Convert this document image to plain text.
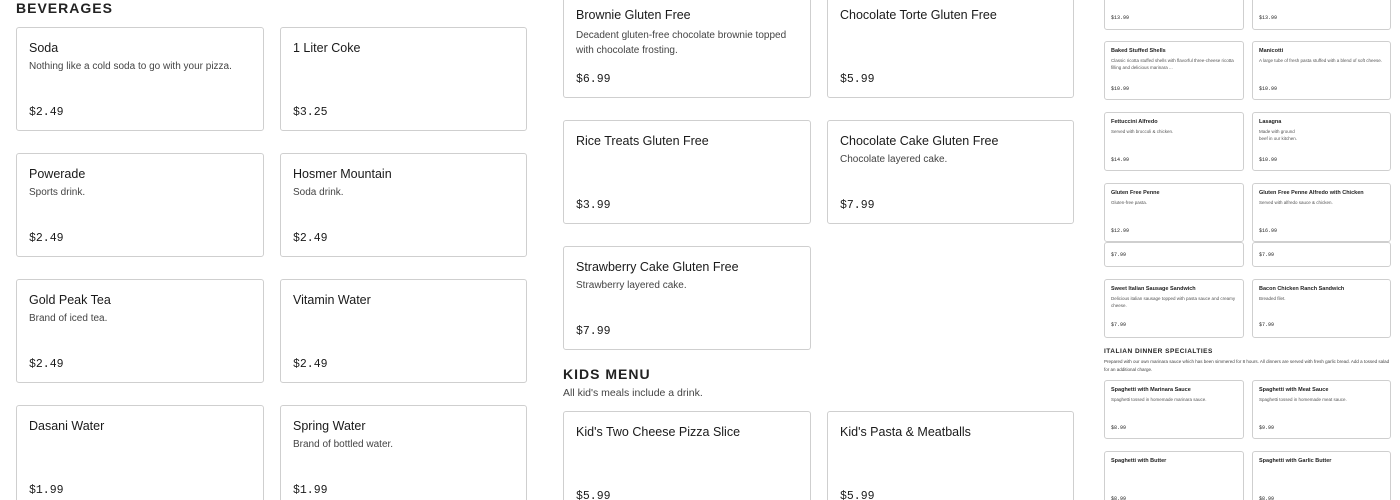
BEVERAGES
Soda
Nothing like a cold soda to go with your pizza.
$2.49
1 Liter Coke
$3.25
Powerade
Sports drink.
$2.49
Hosmer Mountain
Soda drink.
$2.49
Gold Peak Tea
Brand of iced tea.
$2.49
Vitamin Water
$2.49
Dasani Water
$1.99
Spring Water
Brand of bottled water.
$1.99
Brownie Gluten Free
Decadent gluten-free chocolate brownie topped with chocolate frosting.
$6.99
Chocolate Torte Gluten Free
$5.99
Rice Treats Gluten Free
$3.99
Chocolate Cake Gluten Free
Chocolate layered cake.
$7.99
Strawberry Cake Gluten Free
Strawberry layered cake.
$7.99
KIDS MENU
All kid's meals include a drink.
Kid's Two Cheese Pizza Slice
$5.99
Kid's Pasta & Meatballs
$5.99
$13.99	$13.99
Baked Stuffed Shells
Classic ricotta stuffed shells with flavorful three-cheese ricotta filling and delicious marinara ...
$10.99
Manicotti
A large tube of fresh pasta stuffed with a blend of soft cheese.
$10.99
Fettuccini Alfredo
Served with broccoli & chicken.
$14.99
Lasagna
Made with ground beef in our kitchen.
$10.99
Gluten Free Penne
Gluten-free pasta.
$12.99
Gluten Free Penne Alfredo with Chicken
Served with alfredo sauce & chicken.
$16.99
$7.99	$7.99
Sweet Italian Sausage Sandwich
Delicious italian sausage topped with pasta sauce and creamy cheese.
$7.99
Bacon Chicken Ranch Sandwich
Breaded filet.
$7.99
ITALIAN DINNER SPECIALTIES
Prepared with our own marinara sauce which has been simmered for 8 hours. All dinners are served with fresh garlic bread. Add a tossed salad for an additional charge.
Spaghetti with Marinara Sauce
Spaghetti tossed in homemade marinara sauce.
$8.99
Spaghetti with Meat Sauce
Spaghetti tossed in homemade meat sauce.
$9.99
Spaghetti with Butter
$8.99
Spaghetti with Garlic Butter
$8.99
